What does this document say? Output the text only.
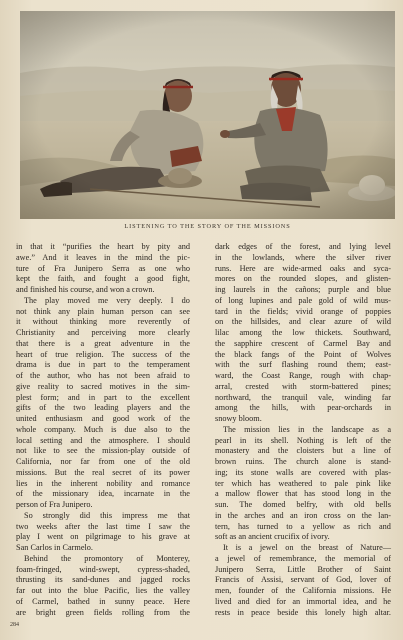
LISTENING TO THE STORY OF THE MISSIONS
in that it “purifies the heart by pity and
awe.” And it leaves in the mind the pic-
ture of Fra Junipero Serra as one who
kept the faith, and fought a good fight,
and finished his course, and won a crown.
The play moved me very deeply. I do
not think any plain human person can see
it without thinking more reverently of
Christianity and perceiving more clearly
that there is a great adventure in the
heart of true religion. The success of the
drama is due in part to the temperament
of the author, who has not been afraid to
give reality to sacred motives in the sim-
plest form; and in part to the excellent
gifts of the two leading players and the
united enthusiasm and good work of the
whole company. Much is due also to the
local setting and the atmosphere. I should
not like to see the mission-play outside of
California, nor far from one of the old
missions. But the real secret of its power
lies in the inherent nobility and romance
of the missionary idea, incarnate in the
person of Fra Junipero.
So strongly did this impress me that
two weeks after the last time I saw the
play I went on pilgrimage to his grave at
San Carlos in Carmelo.
Behind the promontory of Monterey,
foam-fringed, wind-swept, cypress-shaded,
thrusting its sand-dunes and jagged rocks
far out into the blue Pacific, lies the valley
of Carmel, bathed in sunny peace. Here
are bright green fields rolling from the
dark edges of the forest, and lying level
in the lowlands, where the silver river
runs. Here are wide-armed oaks and syca-
mores on the rounded slopes, and glisten-
ing laurels in the cañons; purple and blue
of long lupines and pale gold of wild mus-
tard in the fields; vivid orange of poppies
on the hillsides, and clear azure of wild
lilac among the low thickets. Southward,
the sapphire crescent of Carmel Bay and
the black fangs of the Point of Wolves
with the surf flashing round them; east-
ward, the Coast Range, rough with chap-
arral, crested with storm-battered pines;
northward, the tranquil vale, winding far
among the hills, with pear-orchards in
snowy bloom.
The mission lies in the landscape as a
pearl in its shell. Nothing is left of the
monastery and the cloisters but a line of
brown ruins. The church alone is stand-
ing; its stone walls are covered with plas-
ter which has weathered to pale pink like
a mallow flower that has stood long in the
sun. The domed belfry, with old bells
in the arches and an iron cross on the lan-
tern, has turned to a yellow as rich and
soft as an ancient crucifix of ivory.
It is a jewel on the breast of Nature—
a jewel of remembrance, the memorial of
Junipero Serra, Little Brother of Saint
Francis of Assisi, servant of God, lover of
men, founder of the California missions. He
lived and died for an immortal idea, and he
rests in peace beside this lonely high altar.
284
